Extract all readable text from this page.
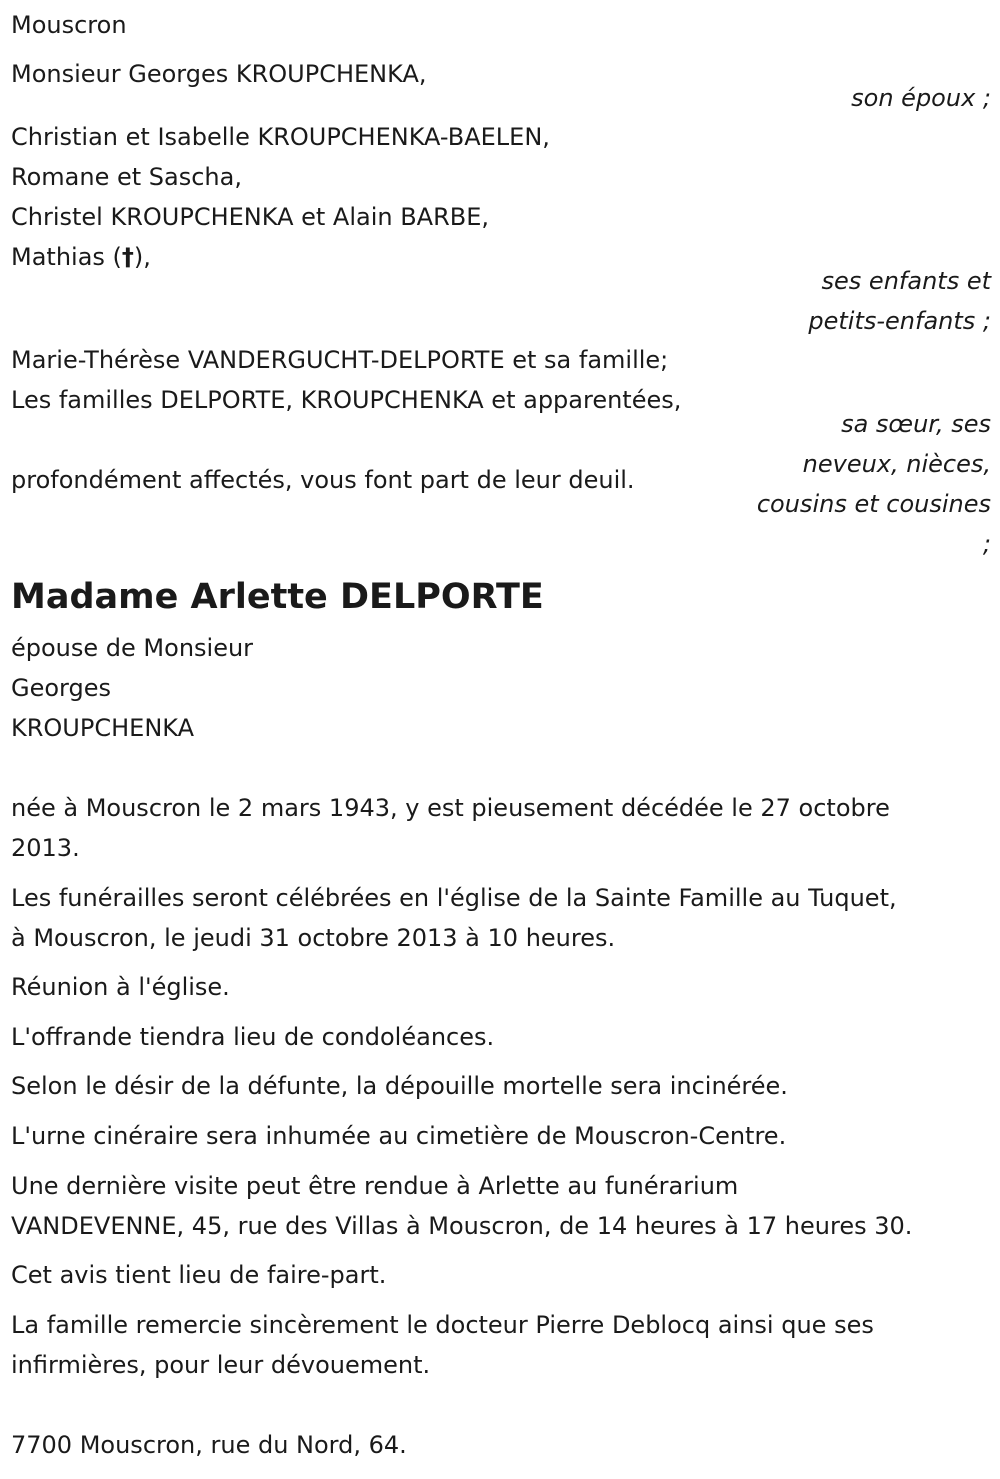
Mouscron

Monsieur Georges KROUPCHENKA,

son époux ;

Christian et Isabelle KROUPCHENKA-BAELEN,

Romane et Sascha,

Christel KROUPCHENKA et Alain BARBE,

Mathias (†),

ses enfants et
petits-enfants ;

Marie-Thérèse VANDERGUCHT-DELPORTE et sa famille;

Les familles DELPORTE, KROUPCHENKA et apparentées,

sa sœur, ses
neveux, nièces,
cousins et cousines
;

profondément affectés, vous font part de leur deuil.

Madame Arlette DELPORTE

épouse de Monsieur

Georges

KROUPCHENKA

née à Mouscron le 2 mars 1943, y est pieusement décédée le 27 octobre

2013.

Les funérailles seront célébrées en l'église de la Sainte Famille au Tuquet,

à Mouscron, le jeudi 31 octobre 2013 à 10 heures.

Réunion à l'église.

L'offrande tiendra lieu de condoléances.

Selon le désir de la défunte, la dépouille mortelle sera incinérée.

L'urne cinéraire sera inhumée au cimetière de Mouscron-Centre.

Une dernière visite peut être rendue à Arlette au funérarium

VANDEVENNE, 45, rue des Villas à Mouscron, de 14 heures à 17 heures 30.

Cet avis tient lieu de faire-part.

La famille remercie sincèrement le docteur Pierre Deblocq ainsi que ses

infirmières, pour leur dévouement.

7700 Mouscron, rue du Nord, 64.
